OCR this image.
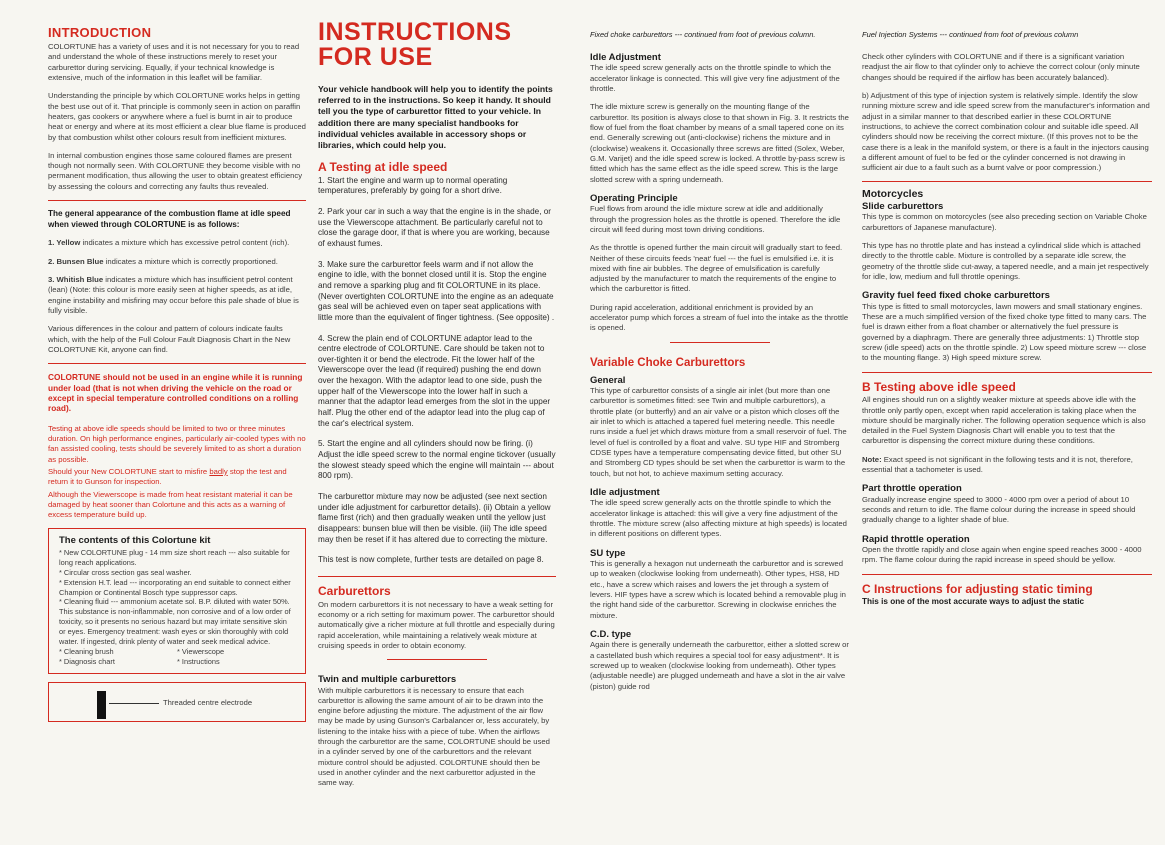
INTRODUCTION

COLORTUNE has a variety of uses and it is not necessary for you to read and understand the whole of these instructions merely to reset your carburettor during servicing. Equally, if your technical knowledge is extensive, much of the information in this leaflet will be familiar.

Understanding the principle by which COLORTUNE works helps in getting the best use out of it. That principle is commonly seen in action on paraffin heaters, gas cookers or anywhere where a fuel is burnt in air to produce heat or energy and where at its most efficient a clear blue flame is produced by that combustion whilst other colours result from inefficient mixtures.

In internal combustion engines those same coloured flames are present though not normally seen. With COLORTUNE they become visible with no permanent modification, thus allowing the user to obtain greatest efficiency by assessing the colours and correcting any faults thus revealed.

The general appearance of the combustion flame at idle speed when viewed through COLORTUNE is as follows:

1. Yellow indicates a mixture which has excessive petrol content (rich).

2. Bunsen Blue indicates a mixture which is correctly proportioned.

3. Whitish Blue indicates a mixture which has insufficient petrol content (lean) (Note: this colour is more easily seen at higher speeds, as at idle, engine instability and misfiring may occur before this pale shade of blue is fully visible.

Various differences in the colour and pattern of colours indicate faults which, with the help of the Full Colour Fault Diagnosis Chart in the New COLORTUNE Kit, anyone can find.

COLORTUNE should not be used in an engine while it is running under load (that is not when driving the vehicle on the road or except in special temperature controlled conditions on a rolling road).

Testing at above idle speeds should be limited to two or three minutes duration. On high performance engines, particularly air-cooled types with no fan assisted cooling, tests should be severely limited to as short a duration as possible.

Should your New COLORTUNE start to misfire badly stop the test and return it to Gunson for inspection.

Although the Viewerscope is made from heat resistant material it can be damaged by heat sooner than Colortune and this acts as a warning of excess temperature build up.

The contents of this Colortune kit

* New COLORTUNE plug - 14 mm size short reach --- also suitable for long reach applications.

* Circular cross section gas seal washer.

* Extension H.T. lead --- incorporating an end suitable to connect either Champion or Continental Bosch type suppressor caps.

* Cleaning fluid --- ammonium acetate sol. B.P. diluted with water 50%. This substance is non-inflammable, non corrosive and of a low order of toxicity, so it presents no serious hazard but may irritate sensitive skin or eyes. Emergency treatment: wash eyes or skin thoroughly with cold water. If ingested, drink plenty of water and seek medical advice.

* Cleaning brush

* Diagnosis chart

* Viewerscope

* Instructions

Threaded centre electrode
INSTRUCTIONS FOR USE

Your vehicle handbook will help you to identify the points referred to in the instructions. So keep it handy. It should tell you the type of carburettor fitted to your vehicle. In addition there are many specialist handbooks for individual vehicles available in accessory shops or libraries, which could help you.

A Testing at idle speed

1. Start the engine and warm up to normal operating temperatures, preferably by going for a short drive.

2. Park your car in such a way that the engine is in the shade, or use the Viewerscope attachment. Be particularly careful not to close the garage door, if that is where you are working, because of exhaust fumes.

3. Make sure the carburettor feels warm and if not allow the engine to idle, with the bonnet closed until it is. Stop the engine and remove a sparking plug and fit COLORTUNE in its place. (Never overtighten COLORTUNE into the engine as an adequate gas seal will be achieved even on taper seat applications with little more than the equivalent of finger tightness. (See opposite) .

4. Screw the plain end of COLORTUNE adaptor lead to the centre electrode of COLORTUNE. Care should be taken not to over-tighten it or bend the electrode. Fit the lower half of the Viewerscope over the lead (if required) pushing the end down over the hexagon. With the adaptor lead to one side, push the upper half of the Viewerscope into the lower half in such a manner that the adaptor lead emerges from the slot in the upper half. Plug the other end of the adaptor lead into the plug cap of the car's electrical system.

5. Start the engine and all cylinders should now be firing. (i) Adjust the idle speed screw to the normal engine tickover (usually the slowest steady speed which the engine will maintain --- about 800 rpm).

The carburettor mixture may now be adjusted (see next section under idle adjustment for carburettor details). (ii) Obtain a yellow flame first (rich) and then gradually weaken until the yellow just disappears: bunsen blue will then be visible. (iii) The idle speed may then be reset if it has altered due to correcting the mixture.

This test is now complete, further tests are detailed on page 8.

Carburettors

On modern carburettors it is not necessary to have a weak setting for economy or a rich setting for maximum power. The carburettor should automatically give a richer mixture at full throttle and especially during rapid acceleration, while maintaining a relatively weak mixture at cruising speeds in order to obtain economy.

Twin and multiple carburettors

With multiple carburettors it is necessary to ensure that each carburettor is allowing the same amount of air to be drawn into the engine before adjusting the mixture. The adjustment of the air flow may be made by using Gunson's Carbalancer or, less accurately, by listening to the intake hiss with a piece of tube. When the airflows through the carburettor are the same, COLORTUNE should be used in a cylinder served by one of the carburettors and the relevant mixture control should be adjusted. COLORTUNE should then be used in another cylinder and the next carburettor adjusted in the same way.

Fixed choke carburettors --- continued from foot of previous column.

Idle Adjustment

The idle speed screw generally acts on the throttle spindle to which the accelerator linkage is connected. This will give very fine adjustment of the throttle.

The idle mixture screw is generally on the mounting flange of the carburettor. Its position is always close to that shown in Fig. 3. It restricts the flow of fuel from the float chamber by means of a small tapered cone on its end. Generally screwing out (anti-clockwise) richens the mixture and in (clockwise) weakens it. Occasionally three screws are fitted (Solex, Weber, G.M. Varijet) and the idle speed screw is locked. A throttle by-pass screw is fitted which has the same effect as the idle speed screw. This is the large slotted screw with a spring underneath.

Operating Principle

Fuel flows from around the idle mixture screw at idle and additionally through the progression holes as the throttle is opened. Therefore the idle circuit will feed during most town driving conditions.

As the throttle is opened further the main circuit will gradually start to feed. Neither of these circuits feeds 'neat' fuel --- the fuel is emulsified i.e. it is mixed with fine air bubbles. The degree of emulsification is carefully adjusted by the manufacturer to match the requirements of the engine to which the carburettor is fitted.

During rapid acceleration, additional enrichment is provided by an accelerator pump which forces a stream of fuel into the intake as the throttle is opened.

Variable Choke Carburettors
General

This type of carburettor consists of a single air inlet (but more than one carburettor is sometimes fitted: see Twin and multiple carburettors), a throttle plate (or butterfly) and an air valve or a piston which closes off the air inlet to which is attached a tapered fuel metering needle. This needle runs inside a fuel jet which draws mixture from a small reservoir of fuel. The level of fuel is controlled by a float and valve. SU type HIF and Stromberg CDSE types have a temperature compensating device fitted, but other SU and Stromberg CD types should be set when the carburettor is warm to the touch, but not hot, to achieve maximum setting accuracy.

Idle adjustment

The idle speed screw generally acts on the throttle spindle to which the accelerator linkage is attached: this will give a very fine adjustment of the throttle. The mixture screw (also affecting mixture at high speeds) is located in different positions on different types.

SU type

This is generally a hexagon nut underneath the carburettor and is screwed up to weaken (clockwise looking from underneath). Other types, HS8, HD etc., have a screw which raises and lowers the jet through a system of levers. HIF types have a screw which is located behind a removable plug in the right hand side of the carburettor. Screwing in clockwise enriches the mixture.

C.D. type

Again there is generally underneath the carburettor, either a slotted screw or a castellated bush which requires a special tool for easy adjustment*. It is screwed up to weaken (clockwise looking from underneath). Other types (adjustable needle) are plugged underneath and have a slot in the air valve (piston) guide rod

Fuel Injection Systems --- continued from foot of previous column

Check other cylinders with COLORTUNE and if there is a significant variation readjust the air flow to that cylinder only to achieve the correct colour (only minute changes should be required if the airflow has been accurately balanced).

b) Adjustment of this type of injection system is relatively simple. Identify the slow running mixture screw and idle speed screw from the manufacturer's information and adjust in a similar manner to that described earlier in these COLORTUNE instructions, to achieve the correct combination colour and suitable idle speed. All cylinders should now be receiving the correct mixture. (If this proves not to be the case there is a leak in the manifold system, or there is a fault in the injectors causing a different amount of fuel to be fed or the cylinder concerned is not drawing in sufficient air due to a fault such as a burnt valve or poor compression.)

Motorcycles
Slide carburettors

This type is common on motorcycles (see also preceding section on Variable Choke carburettors of Japanese manufacture).

This type has no throttle plate and has instead a cylindrical slide which is attached directly to the throttle cable. Mixture is controlled by a separate idle screw, the geometry of the throttle slide cut-away, a tapered needle, and a main jet respectively for idle, low, medium and full throttle openings.

Gravity fuel feed fixed choke carburettors

This type is fitted to small motorcycles, lawn mowers and small stationary engines. These are a much simplified version of the fixed choke type fitted to many cars. The fuel is drawn either from a float chamber or alternatively the fuel pressure is governed by a diaphragm. There are generally three adjustments: 1) Throttle stop screw (idle speed) acts on the throttle spindle. 2) Low speed mixture screw --- close to the mounting flange. 3) High speed mixture screw.

B Testing above idle speed

All engines should run on a slightly weaker mixture at speeds above idle with the throttle only partly open, except when rapid acceleration is taking place when the mixture should be marginally richer. The following operation sequence which is also detailed in the Fuel System Diagnosis Chart will enable you to test that the carburettor is dispensing the correct mixture during these conditions.

Note: Exact speed is not significant in the following tests and it is not, therefore, essential that a tachometer is used.

Part throttle operation

Gradually increase engine speed to 3000 - 4000 rpm over a period of about 10 seconds and return to idle. The flame colour during the increase in speed should gradually change to a lighter shade of blue.

Rapid throttle operation

Open the throttle rapidly and close again when engine speed reaches 3000 - 4000 rpm. The flame colour during the rapid increase in speed should be yellow.

C Instructions for adjusting static timing

This is one of the most accurate ways to adjust the static
